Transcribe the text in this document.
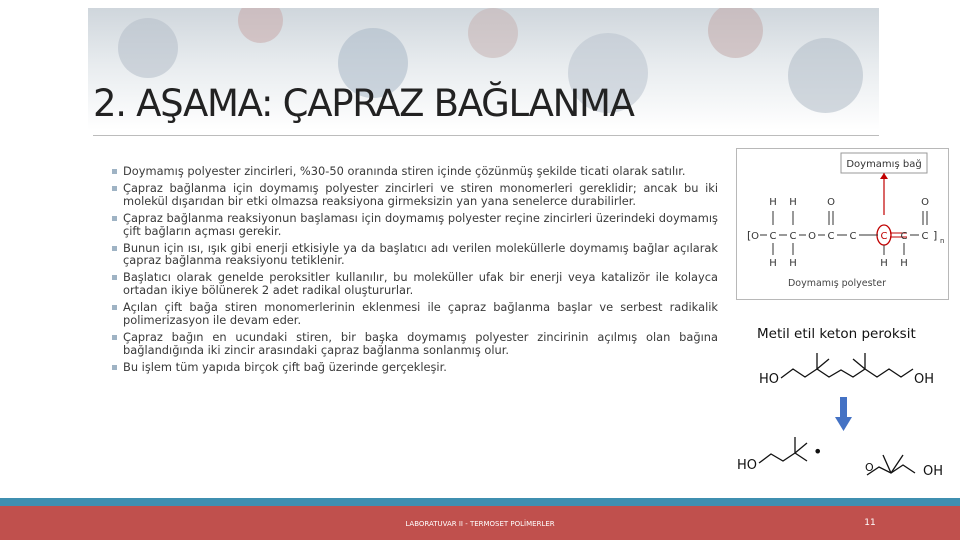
2. AŞAMA: ÇAPRAZ BAĞLANMA
Doymamış polyester zincirleri, %30-50 oranında stiren içinde çözünmüş şekilde ticati olarak satılır.
Çapraz bağlanma için doymamış polyester zincirleri ve stiren monomerleri gereklidir; ancak bu iki molekül dışarıdan bir etki olmazsa reaksiyona girmeksizin yan yana senelerce durabilirler.
Çapraz bağlanma reaksiyonun başlaması için doymamış polyester reçine zincirleri üzerindeki doymamış çift bağların açması gerekir.
Bunun için ısı, ışık gibi enerji etkisiyle ya da başlatıcı adı verilen moleküllerle doymamış bağlar açılarak çapraz bağlanma reaksiyonu tetiklenir.
Başlatıcı olarak genelde peroksitler kullanılır, bu moleküller ufak bir enerji veya katalizör ile kolayca ortadan ikiye bölünerek 2 adet radikal oluştururlar.
Açılan çift bağa stiren monomerlerinin eklenmesi ile çapraz bağlanma başlar ve serbest radikalik polimerizasyon ile devam eder.
Çapraz bağın en ucundaki stiren, bir başka doymamış polyester zincirinin açılmış olan bağına bağlandığında iki zincir arasındaki çapraz bağlanma sonlanmış olur.
Bu işlem tüm yapıda birçok çift bağ üzerinde gerçekleşir.
Doymamış bağ
H H	O	O
[ O C C O C C C	C ] n
C
H H	H H
Doymamış polyester
Metil etil keton peroksit
HO	OH
HO
•
O	OH
LABORATUVAR II - TERMOSET POLİMERLER	11
